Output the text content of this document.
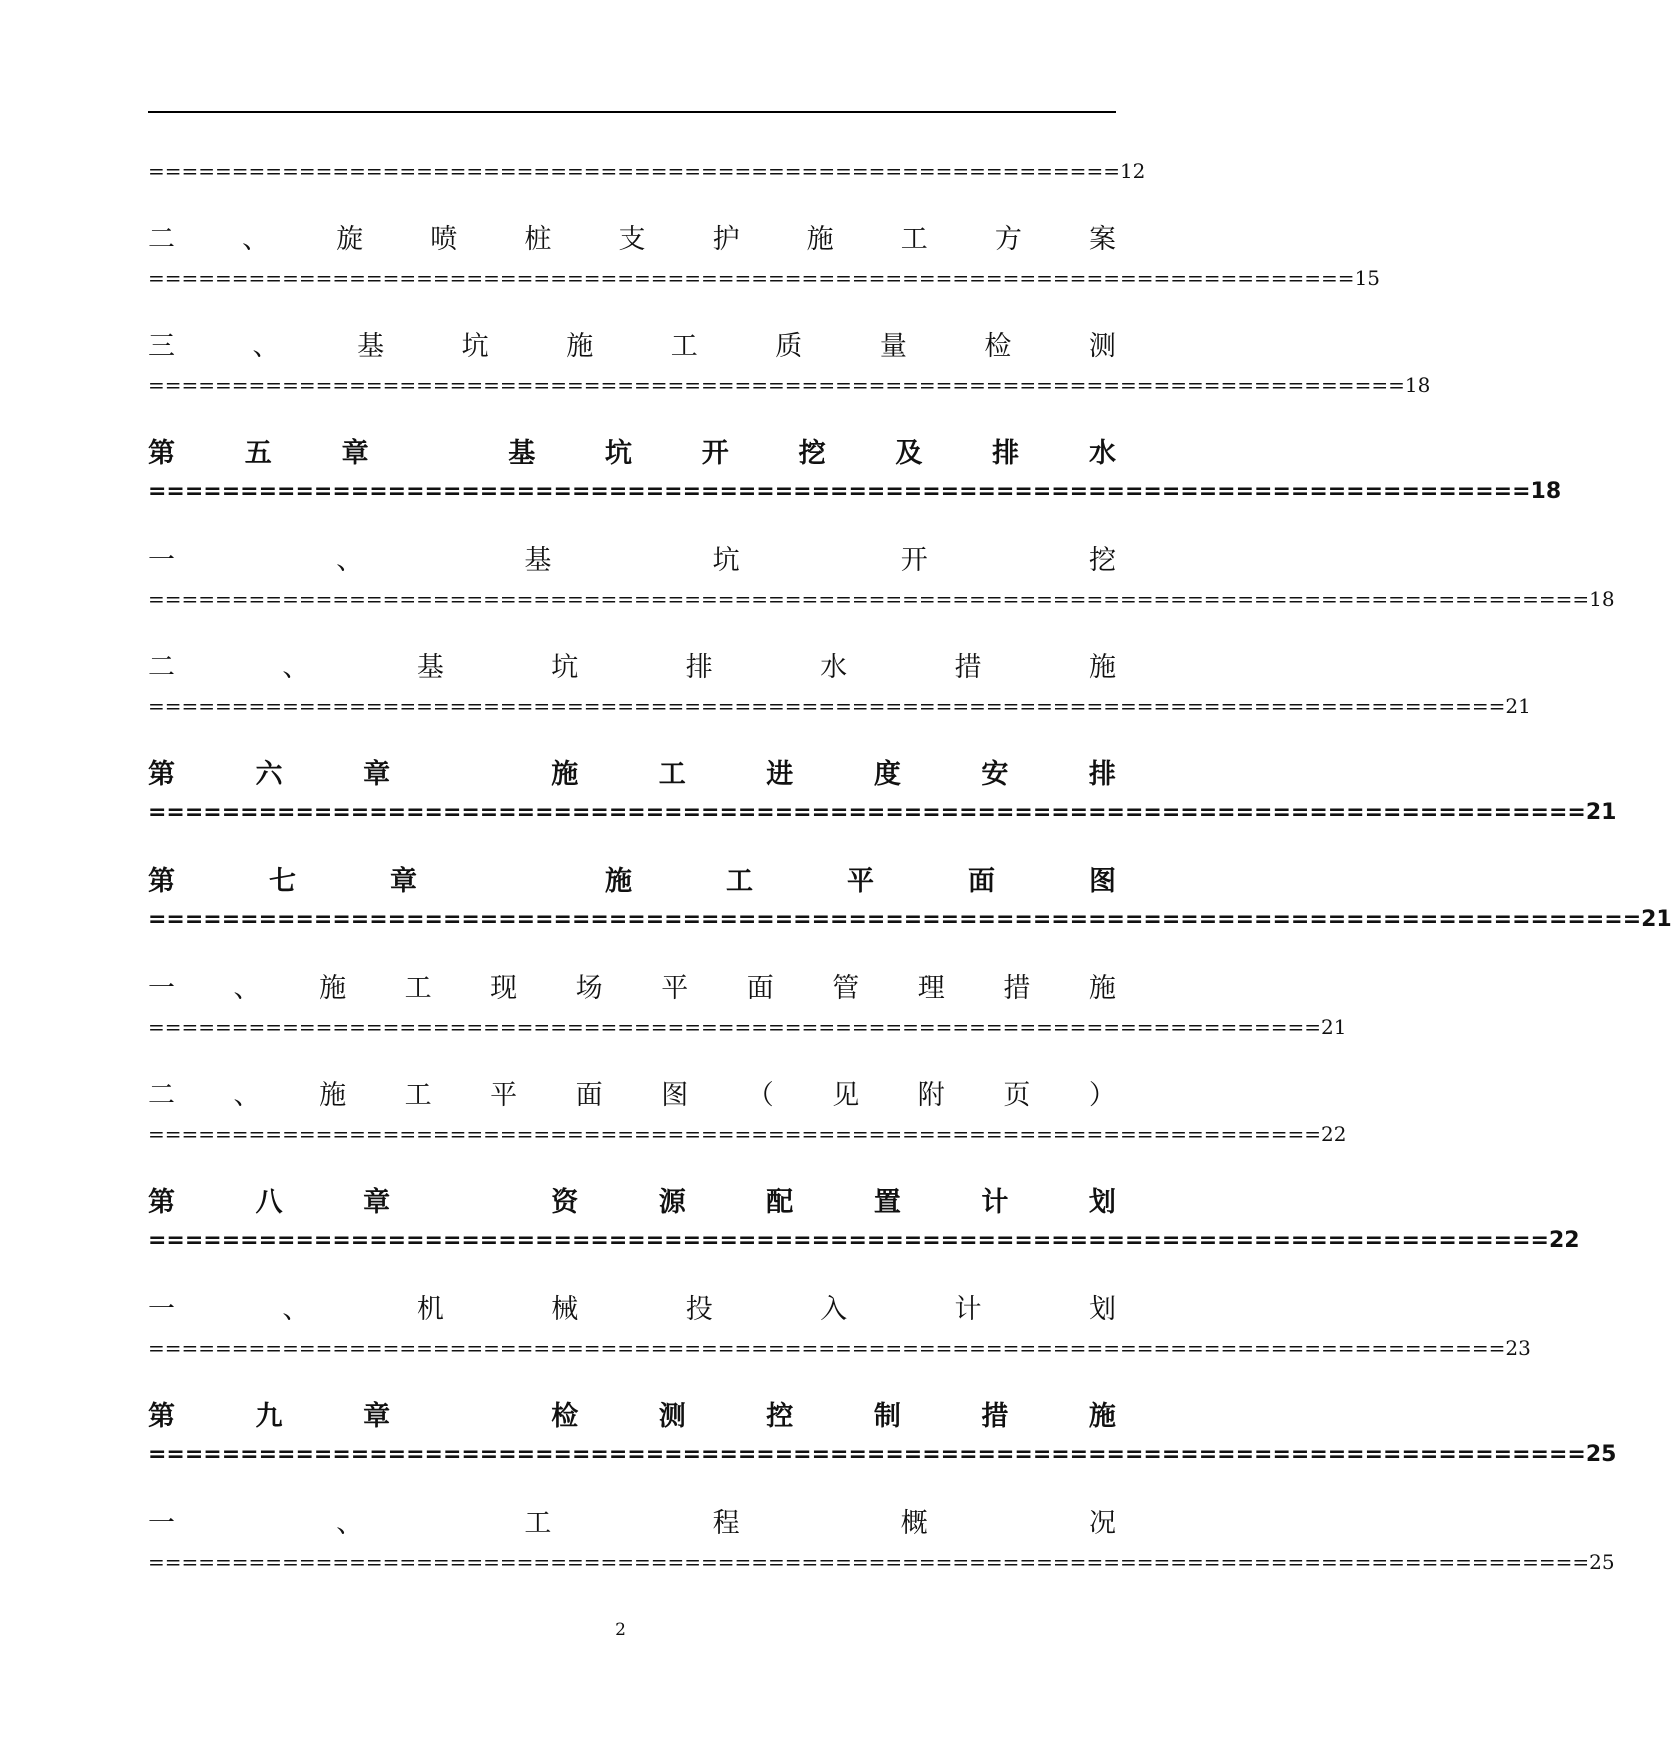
==========================================================12
二 、 旋 喷 桩 支 护 施 工 方 案
========================================================================15
三	、	基	坑	施	工	质	量	检	测
===========================================================================18
第	五	章	基	坑	开	挖	及	排	水
===========================================================================18
一	、	基	坑	开	挖
======================================================================================18
二	、	基	坑	排	水	措	施
=================================================================================21
第	六	章	施	工	进	度	安	排
==============================================================================21
第	七	章	施	工	平	面	图
=================================================================================21
一 、 施 工 现 场 平 面 管 理 措 施
======================================================================21
二 、 施 工 平 面 图 （ 见 附 页 ）
======================================================================22
第	八	章	资	源	配	置	计	划
============================================================================22
一	、	机	械	投	入	计	划
=================================================================================23
第	九	章	检	测	控	制	措	施
==============================================================================25
一	、	工	程	概	况
======================================================================================25
2
